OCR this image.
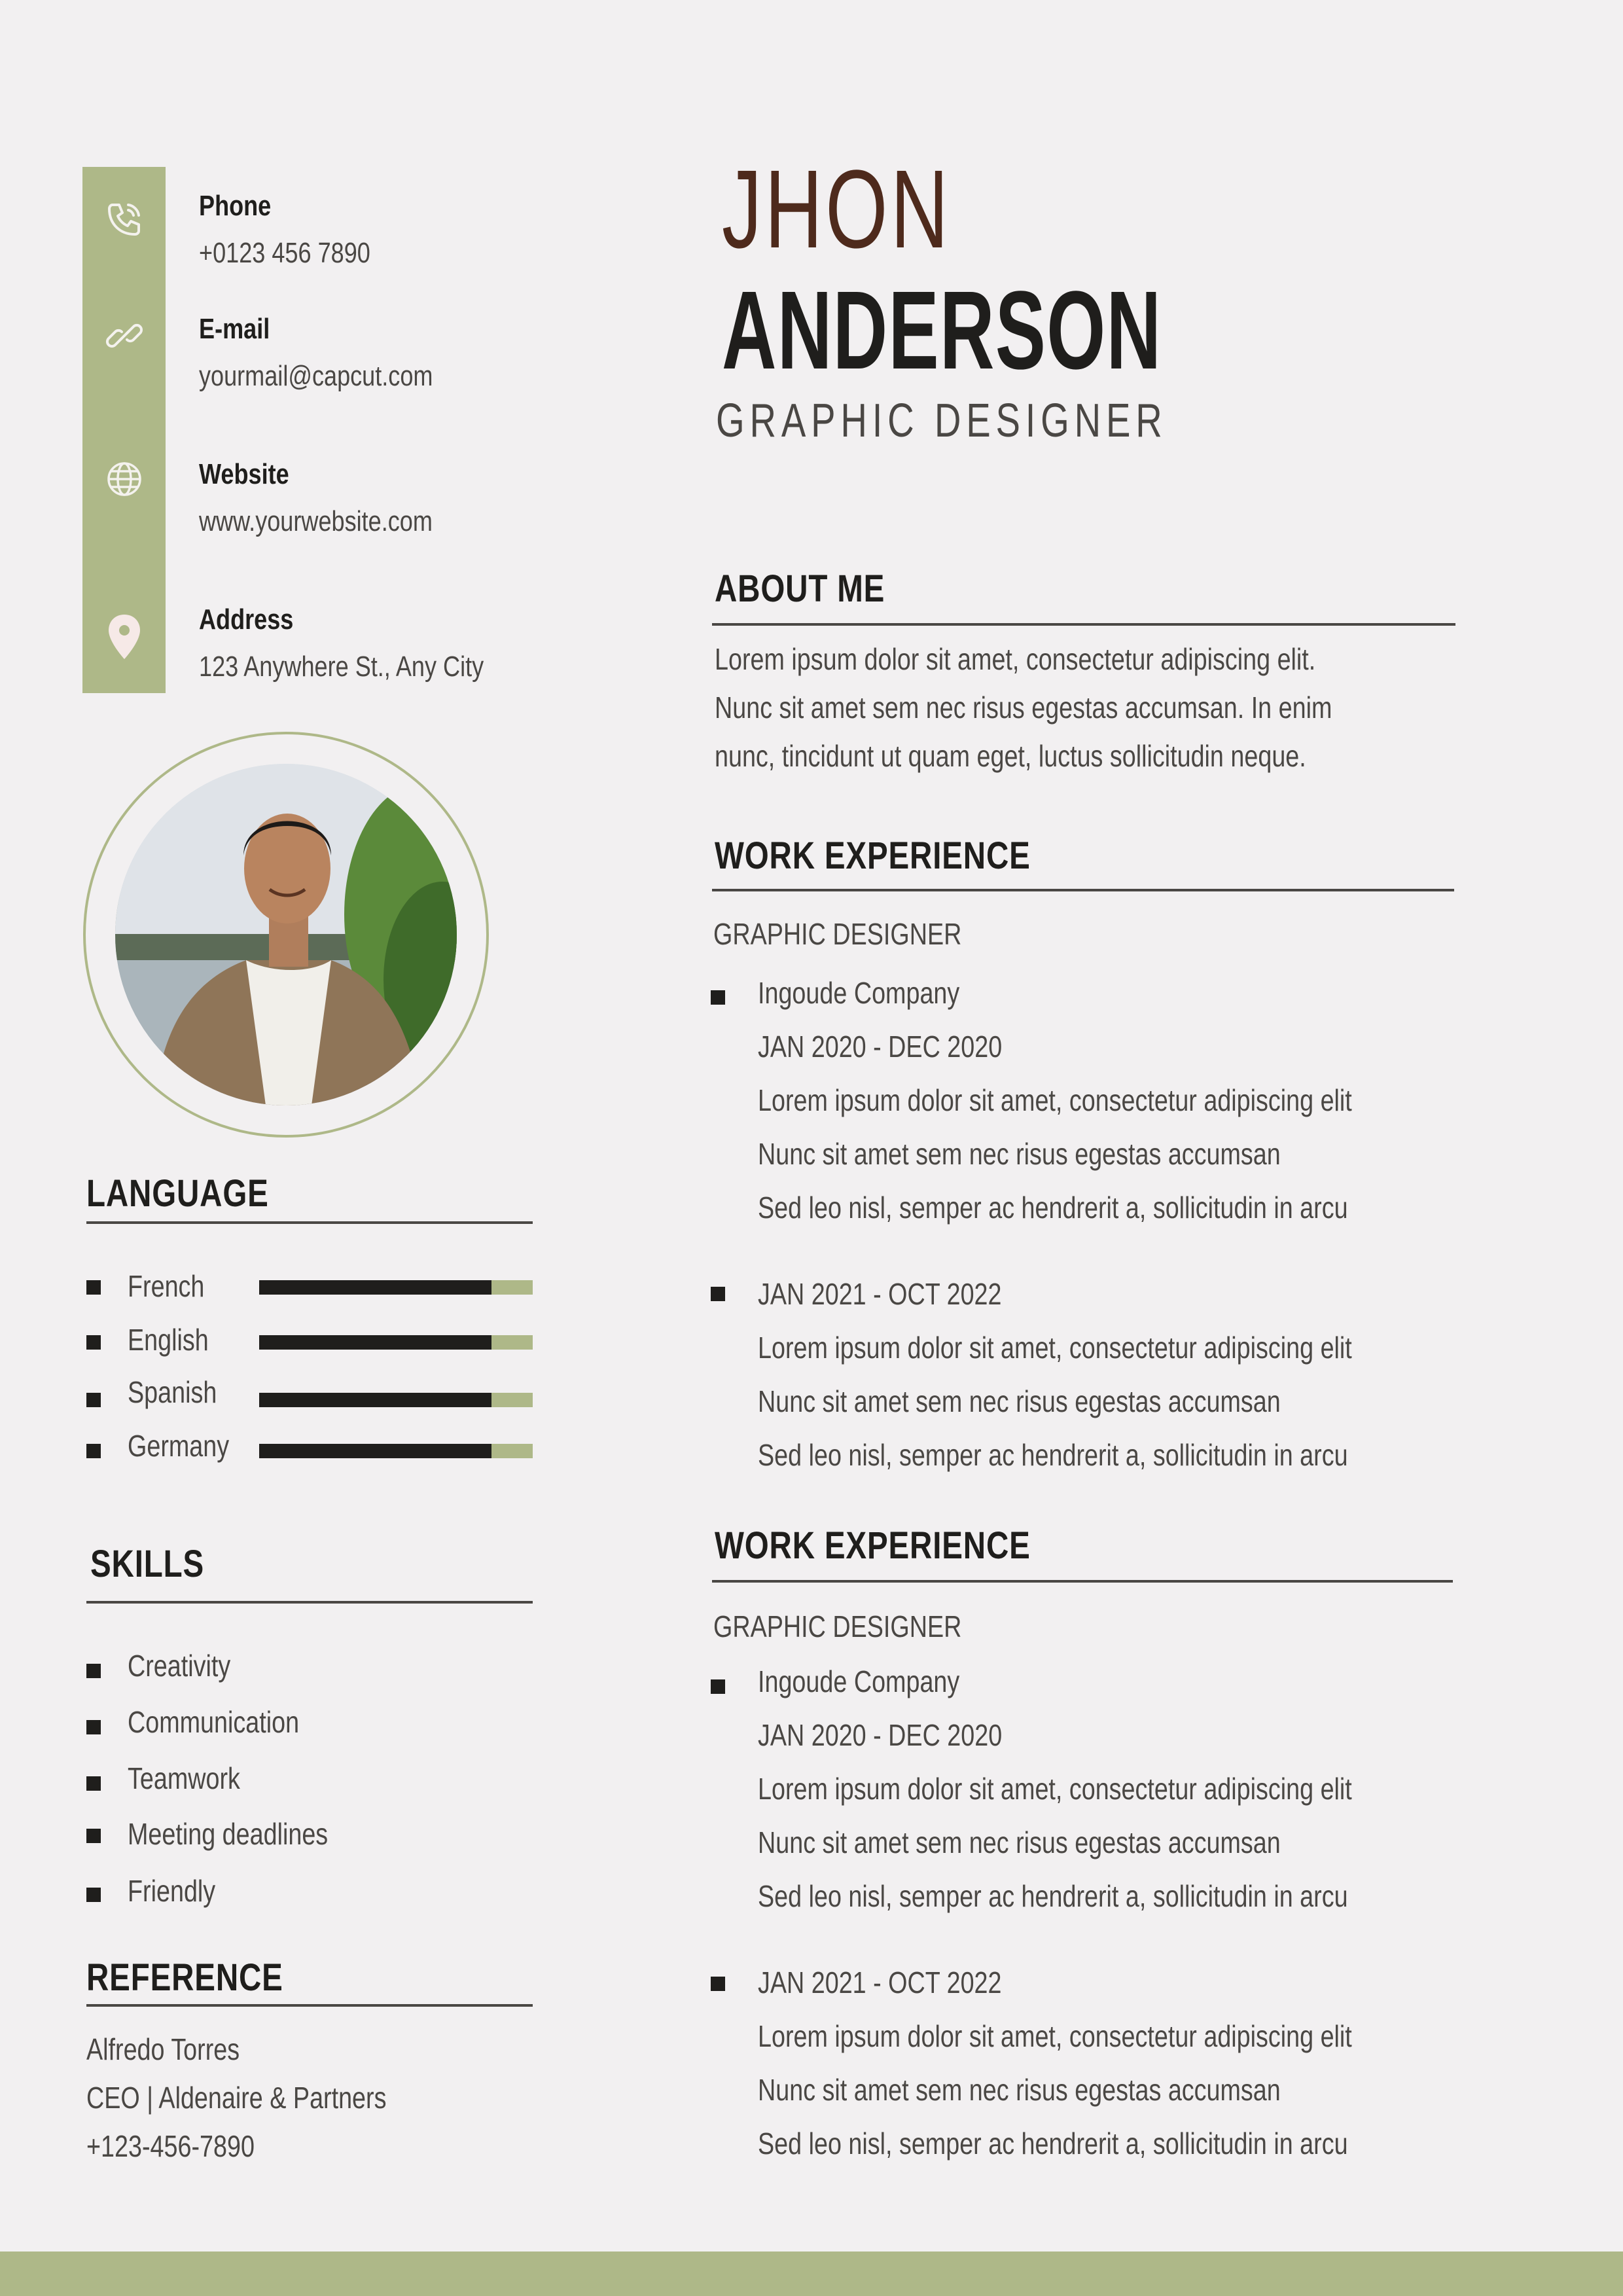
Phone
+0123 456 7890
E-mail
yourmail@capcut.com
Website
www.yourwebsite.com
Address
123 Anywhere St., Any City
LANGUAGE
French
English
Spanish
Germany
SKILLS
Creativity
Communication
Teamwork
Meeting deadlines
Friendly
REFERENCE
Alfredo Torres
CEO | Aldenaire & Partners
+123-456-7890
JHON
ANDERSON
GRAPHIC DESIGNER
ABOUT ME
Lorem ipsum dolor sit amet, consectetur adipiscing elit. Nunc sit amet sem nec risus egestas accumsan. In enim nunc, tincidunt ut quam eget, luctus sollicitudin neque.
WORK EXPERIENCE
GRAPHIC DESIGNER
Ingoude Company
JAN 2020 - DEC 2020
Lorem ipsum dolor sit amet, consectetur adipiscing elit
Nunc sit amet sem nec risus egestas accumsan
Sed leo nisl, semper ac hendrerit a, sollicitudin in arcu
JAN 2021 - OCT 2022
Lorem ipsum dolor sit amet, consectetur adipiscing elit
Nunc sit amet sem nec risus egestas accumsan
Sed leo nisl, semper ac hendrerit a, sollicitudin in arcu
WORK EXPERIENCE
GRAPHIC DESIGNER
Ingoude Company
JAN 2020 - DEC 2020
Lorem ipsum dolor sit amet, consectetur adipiscing elit
Nunc sit amet sem nec risus egestas accumsan
Sed leo nisl, semper ac hendrerit a, sollicitudin in arcu
JAN 2021 - OCT 2022
Lorem ipsum dolor sit amet, consectetur adipiscing elit
Nunc sit amet sem nec risus egestas accumsan
Sed leo nisl, semper ac hendrerit a, sollicitudin in arcu
